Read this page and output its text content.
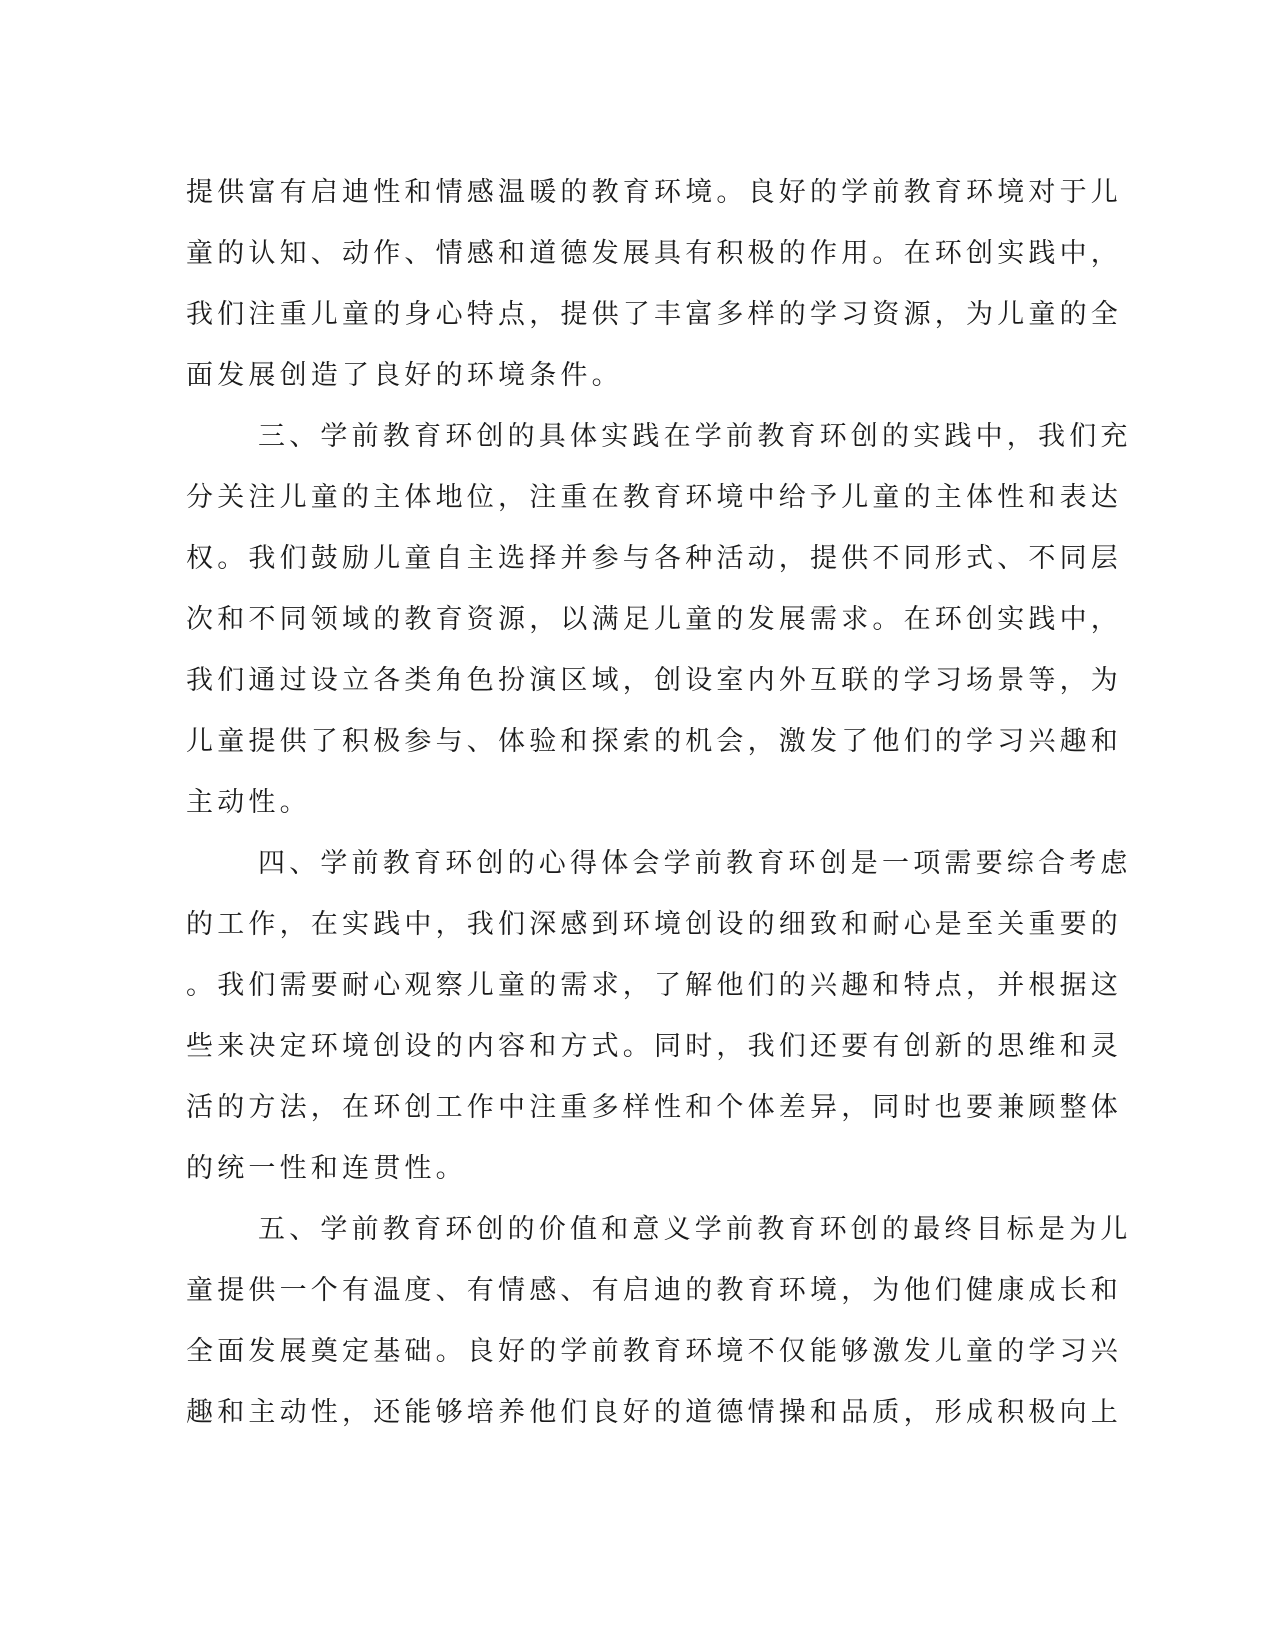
提供富有启迪性和情感温暖的教育环境。良好的学前教育环境对于儿
童的认知、动作、情感和道德发展具有积极的作用。在环创实践中，
我们注重儿童的身心特点，提供了丰富多样的学习资源，为儿童的全
面发展创造了良好的环境条件。
三、学前教育环创的具体实践在学前教育环创的实践中，我们充
分关注儿童的主体地位，注重在教育环境中给予儿童的主体性和表达
权。我们鼓励儿童自主选择并参与各种活动，提供不同形式、不同层
次和不同领域的教育资源，以满足儿童的发展需求。在环创实践中，
我们通过设立各类角色扮演区域，创设室内外互联的学习场景等，为
儿童提供了积极参与、体验和探索的机会，激发了他们的学习兴趣和
主动性。
四、学前教育环创的心得体会学前教育环创是一项需要综合考虑
的工作，在实践中，我们深感到环境创设的细致和耐心是至关重要的
。我们需要耐心观察儿童的需求，了解他们的兴趣和特点，并根据这
些来决定环境创设的内容和方式。同时，我们还要有创新的思维和灵
活的方法，在环创工作中注重多样性和个体差异，同时也要兼顾整体
的统一性和连贯性。
五、学前教育环创的价值和意义学前教育环创的最终目标是为儿
童提供一个有温度、有情感、有启迪的教育环境，为他们健康成长和
全面发展奠定基础。良好的学前教育环境不仅能够激发儿童的学习兴
趣和主动性，还能够培养他们良好的道德情操和品质，形成积极向上
